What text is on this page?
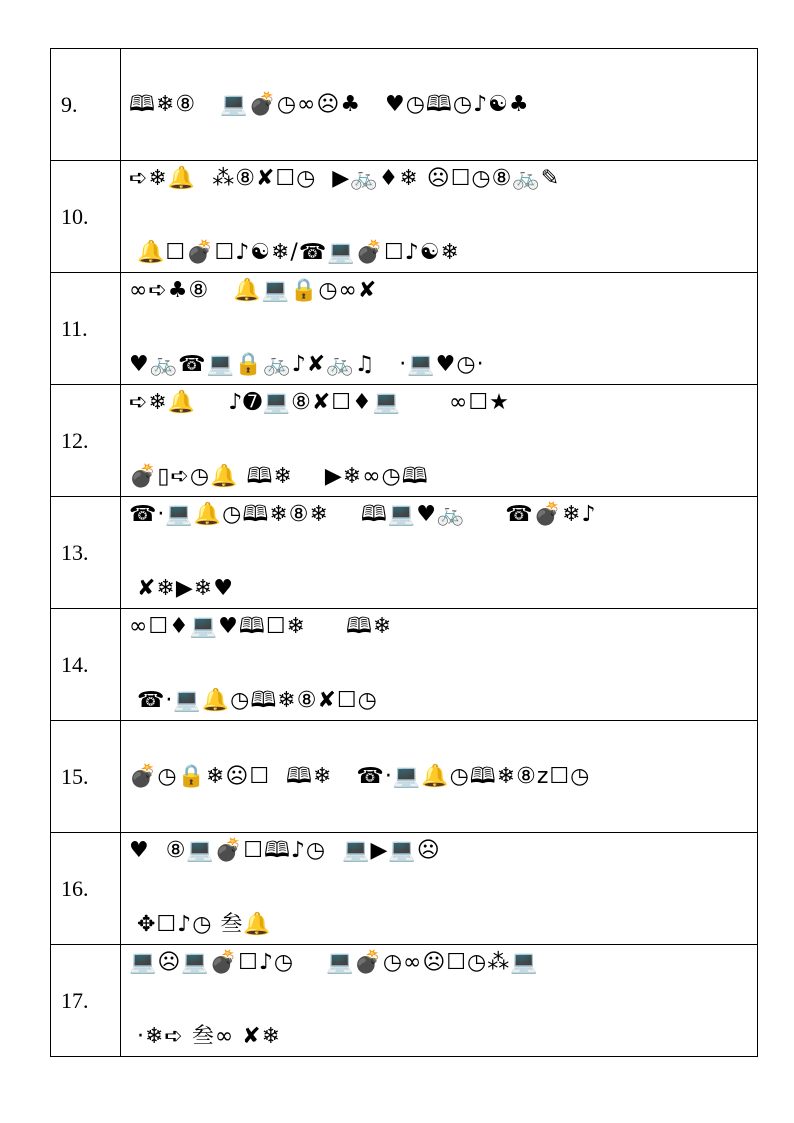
9.	🕮❄⑧   💻💣◷∞☹♣   ♥◷🕮◷♪☯♣
10.	➪❄🔔  ⁂⑧✘☐◷  ▶🚲♦❄ ☹☐◷⑧🚲✎
🔔☐💣☐♪☯❄/☎💻💣☐♪☯❄

11.	∞➪♣⑧   🔔💻🔒◷∞✘
♥🚲☎💻🔒🚲♪✘🚲♫   ·💻♥◷·

12.	➪❄🔔    ♪➐💻⑧✘☐♦💻      ∞☐★
💣▯➪◷🔔 🕮❄    ▶❄∞◷🕮

13.	☎·💻🔔◷🕮❄⑧❄    🕮💻♥🚲     ☎💣❄♪
✘❄▶❄♥

14.	∞☐♦💻♥🕮☐❄     🕮❄
☎·💻🔔◷🕮❄⑧✘☐◷

15.	💣◷🔒❄☹☐  🕮❄   ☎·💻🔔◷🕮❄⑧z☐◷
16.	♥  ⑧💻💣☐🕮♪◷  💻▶💻☹
✥☐♪◷ 叁🔔

17.	💻☹💻💣☐♪◷    💻💣◷∞☹☐◷⁂💻
·❄➪ 叁∞ ✘❄
